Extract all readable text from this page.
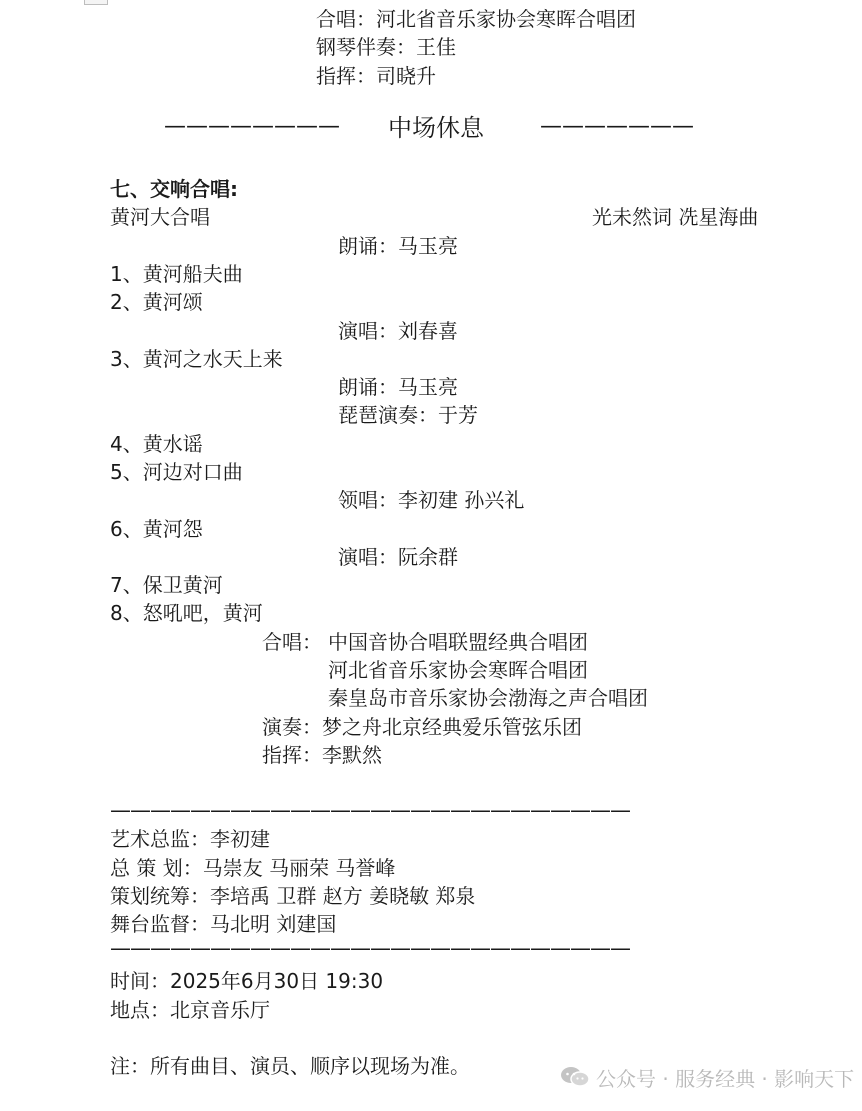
合唱：河北省音乐家协会寒晖合唱团
钢琴伴奏：王佳
指挥：司晓升
———————— 中场休息	———————
七、交响合唱:
黄河大合唱	光未然词 冼星海曲
朗诵：马玉亮
1、黄河船夫曲
2、黄河颂
演唱：刘春喜
3、黄河之水天上来
朗诵：马玉亮
琵琶演奏：于芳
4、黄水谣
5、河边对口曲
领唱：李初建 孙兴礼
6、黄河怨
演唱：阮余群
7、保卫黄河
8、怒吼吧，黄河
合唱： 中国音协合唱联盟经典合唱团
河北省音乐家协会寒晖合唱团
秦皇岛市音乐家协会渤海之声合唱团
演奏：梦之舟北京经典爱乐管弦乐团
指挥：李默然
——————————————————————————
艺术总监：李初建
总 策 划：马崇友 马丽荣 马誉峰
策划统筹：李培禹 卫群 赵方 姜晓敏 郑泉
舞台监督：马北明 刘建国
——————————————————————————
时间：2025年6月30日 19:30
地点：北京音乐厅
注：所有曲目、演员、顺序以现场为准。
公众号 · 服务经典 · 影响天下
